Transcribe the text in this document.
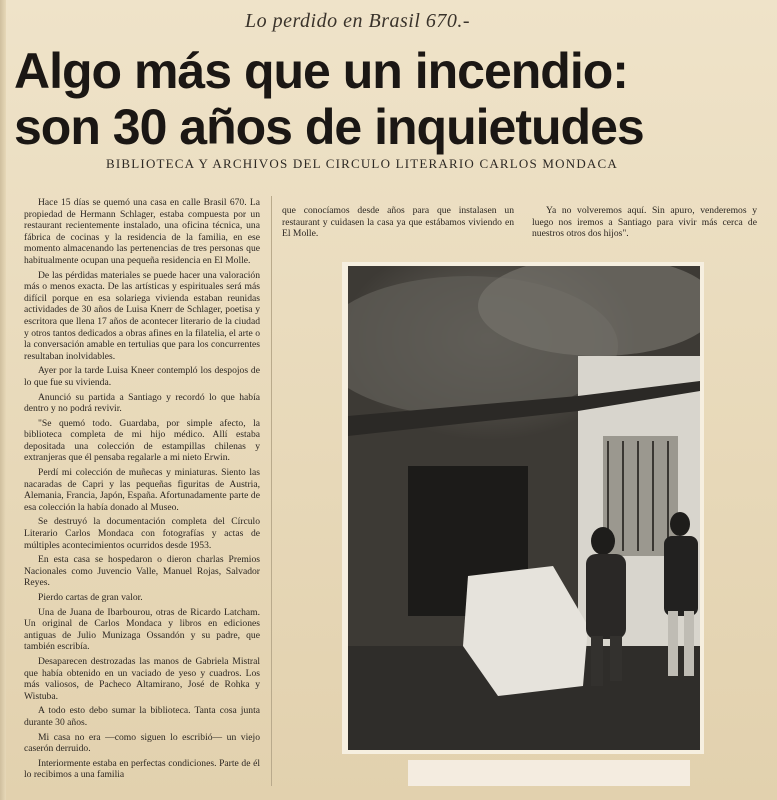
Lo perdido en Brasil 670.-
Algo más que un incendio:
son 30 años de inquietudes
BIBLIOTECA Y ARCHIVOS DEL CIRCULO LITERARIO CARLOS MONDACA

Hace 15 días se quemó una casa en calle Brasil 670. La propiedad de Hermann Schlager, estaba compuesta por un restaurant recientemente instalado, una oficina técnica, una fábrica de cocinas y la residencia de la familia, en ese momento almacenando las pertenencias de tres personas que habitualmente ocupan una pequeña residencia en El Molle.

De las pérdidas materiales se puede hacer una valoración más o menos exacta. De las artísticas y espirituales será más difícil porque en esa solariega vivienda estaban reunidas actividades de 30 años de Luisa Knerr de Schlager, poetisa y escritora que llena 17 años de acontecer literario de la ciudad y otros tantos dedicados a obras afines en la filatelia, el arte o la conversación amable en tertulias que para los concurrentes resultaban inolvidables.

Ayer por la tarde Luisa Kneer contempló los despojos de lo que fue su vivienda.

Anunció su partida a Santiago y recordó lo que había dentro y no podrá revivir.

"Se quemó todo. Guardaba, por simple afecto, la biblioteca completa de mi hijo médico. Allí estaba depositada una colección de estampillas chilenas y extranjeras que él pensaba regalarle a mi nieto Erwin.

Perdí mi colección de muñecas y miniaturas. Siento las nacaradas de Capri y las pequeñas figuritas de Austria, Alemania, Francia, Japón, España. Afortunadamente parte de esa colección la había donado al Museo.

Se destruyó la documentación completa del Círculo Literario Carlos Mondaca con fotografías y actas de múltiples acontecimientos ocurridos desde 1953.

En esta casa se hospedaron o dieron charlas Premios Nacionales como Juvencio Valle, Manuel Rojas, Salvador Reyes.

Pierdo cartas de gran valor.

Una de Juana de Ibarbourou, otras de Ricardo Latcham. Un original de Carlos Mondaca y libros en ediciones antiguas de Julio Munizaga Ossandón y su padre, que también escribía.

Desaparecen destrozadas las manos de Gabriela Mistral que había obtenido en un vaciado de yeso y cuadros. Los más valiosos, de Pacheco Altamirano, José de Rohka y Wistuba.

A todo esto debo sumar la biblioteca. Tanta cosa junta durante 30 años.

Mi casa no era —como siguen lo escribió— un viejo caserón derruido.

Interiormente estaba en perfectas condiciones. Parte de él lo recibimos a una familia

que conocíamos desde años para que instalasen un restaurant y cuidasen la casa ya que estábamos viviendo en El Molle.

Ya no volveremos aquí. Sin apuro, venderemos y luego nos iremos a Santiago para vivir más cerca de nuestros otros dos hijos".
